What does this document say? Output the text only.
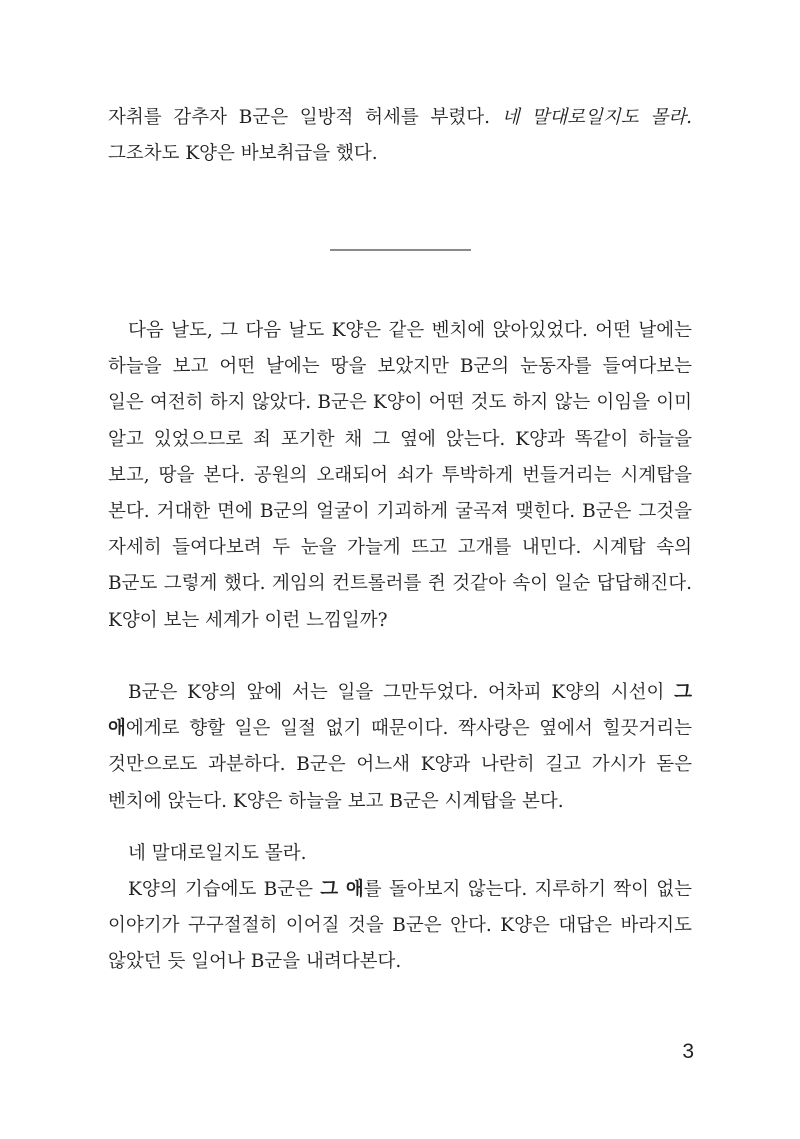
자취를 감추자 B군은 일방적 허세를 부렸다. 네 말대로일지도 몰라. 그조차도 K양은 바보취급을 했다.

다음 날도, 그 다음 날도 K양은 같은 벤치에 앉아있었다. 어떤 날에는 하늘을 보고 어떤 날에는 땅을 보았지만 B군의 눈동자를 들여다보는 일은 여전히 하지 않았다. B군은 K양이 어떤 것도 하지 않는 이임을 이미 알고 있었으므로 죄 포기한 채 그 옆에 앉는다. K양과 똑같이 하늘을 보고, 땅을 본다. 공원의 오래되어 쇠가 투박하게 번들거리는 시계탑을 본다. 거대한 면에 B군의 얼굴이 기괴하게 굴곡져 맺힌다. B군은 그것을 자세히 들여다보려 두 눈을 가늘게 뜨고 고개를 내민다. 시계탑 속의 B군도 그렇게 했다. 게임의 컨트롤러를 쥔 것같아 속이 일순 답답해진다. K양이 보는 세계가 이런 느낌일까?

B군은 K양의 앞에 서는 일을 그만두었다. 어차피 K양의 시선이 그 애에게로 향할 일은 일절 없기 때문이다. 짝사랑은 옆에서 힐끗거리는 것만으로도 과분하다. B군은 어느새 K양과 나란히 길고 가시가 돋은 벤치에 앉는다. K양은 하늘을 보고 B군은 시계탑을 본다.

네 말대로일지도 몰라.

K양의 기습에도 B군은 그 애를 돌아보지 않는다. 지루하기 짝이 없는 이야기가 구구절절히 이어질 것을 B군은 안다. K양은 대답은 바라지도 않았던 듯 일어나 B군을 내려다본다.

3
